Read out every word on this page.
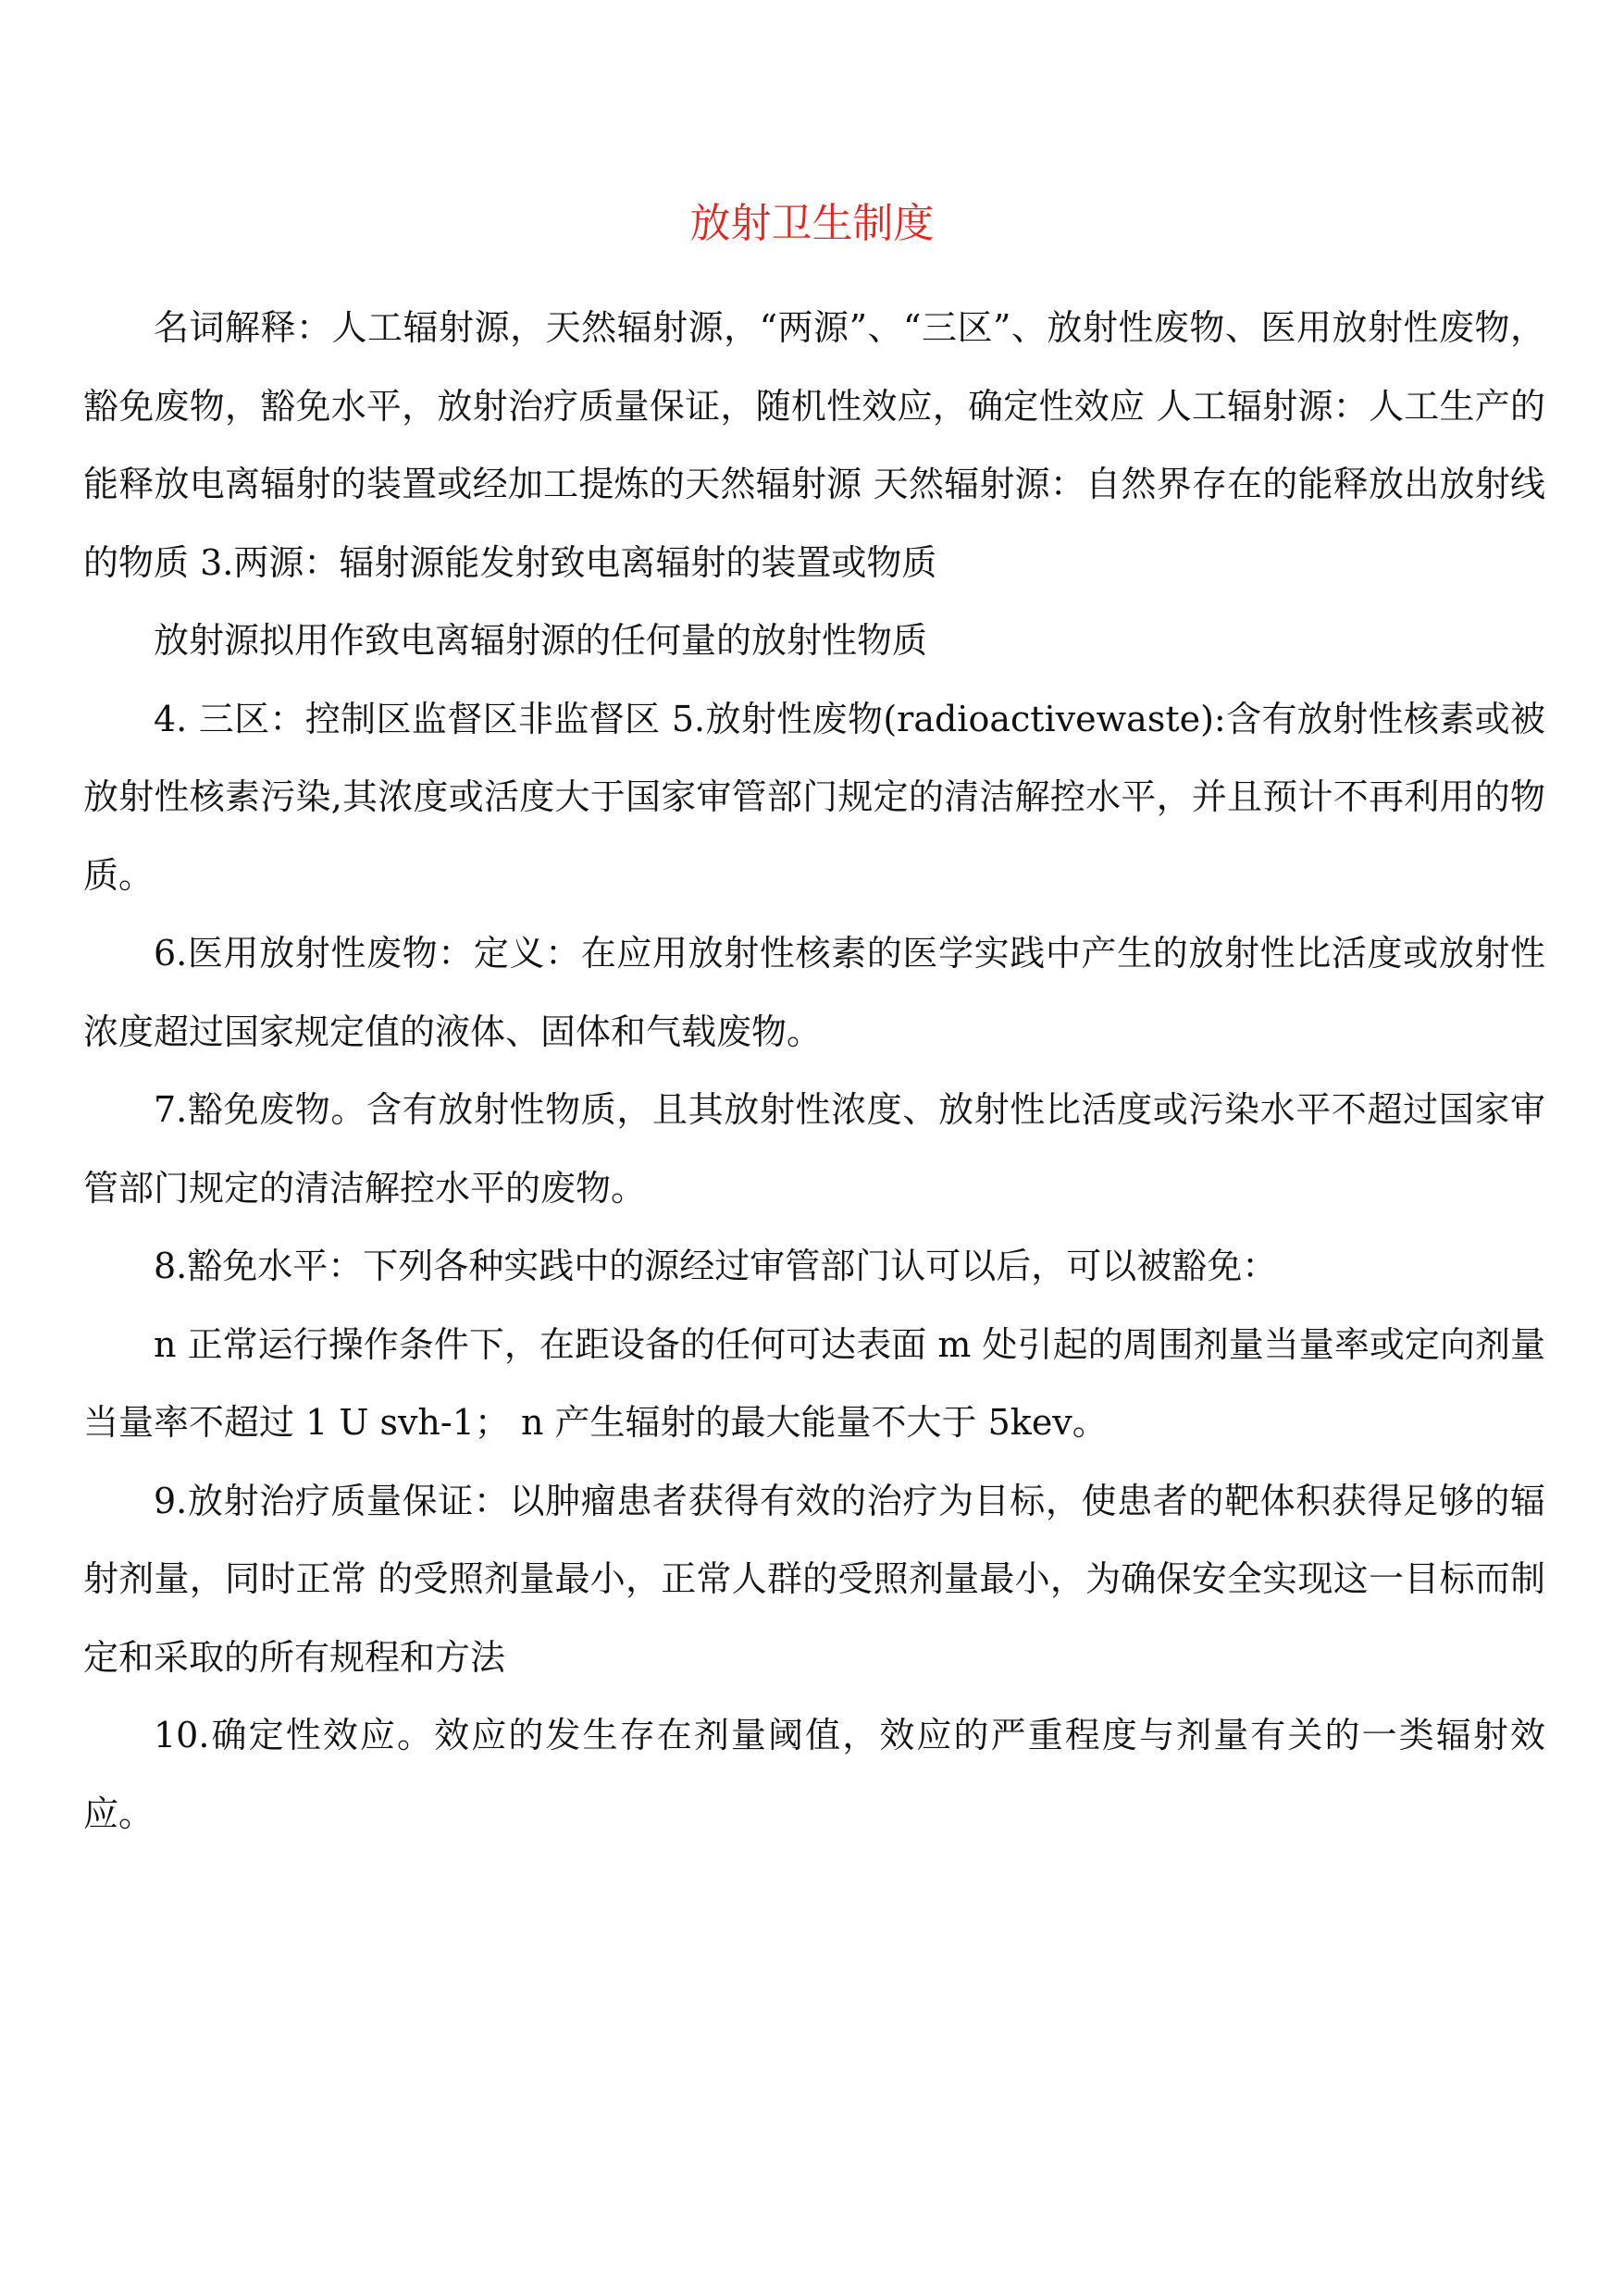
放射卫生制度

名词解释：人工辐射源，天然辐射源，“两源”、“三区”、放射性废物、医用放射性废物，豁免废物，豁免水平，放射治疗质量保证，随机性效应，确定性效应 人工辐射源：人工生产的能释放电离辐射的装置或经加工提炼的天然辐射源 天然辐射源：自然界存在的能释放出放射线的物质 3.两源：辐射源能发射致电离辐射的装置或物质

放射源拟用作致电离辐射源的任何量的放射性物质

4. 三区：控制区监督区非监督区 5.放射性废物(radioactivewaste):含有放射性核素或被放射性核素污染,其浓度或活度大于国家审管部门规定的清洁解控水平，并且预计不再利用的物质。

6.医用放射性废物：定义：在应用放射性核素的医学实践中产生的放射性比活度或放射性浓度超过国家规定值的液体、固体和气载废物。

7.豁免废物。含有放射性物质，且其放射性浓度、放射性比活度或污染水平不超过国家审管部门规定的清洁解控水平的废物。

8.豁免水平：下列各种实践中的源经过审管部门认可以后，可以被豁免：

n 正常运行操作条件下，在距设备的任何可达表面 m 处引起的周围剂量当量率或定向剂量当量率不超过 1 U svh-1； n 产生辐射的最大能量不大于 5kev。

9.放射治疗质量保证：以肿瘤患者获得有效的治疗为目标，使患者的靶体积获得足够的辐射剂量，同时正常 的受照剂量最小，正常人群的受照剂量最小，为确保安全实现这一目标而制定和采取的所有规程和方法

10.确定性效应。效应的发生存在剂量阈值，效应的严重程度与剂量有关的一类辐射效应。
